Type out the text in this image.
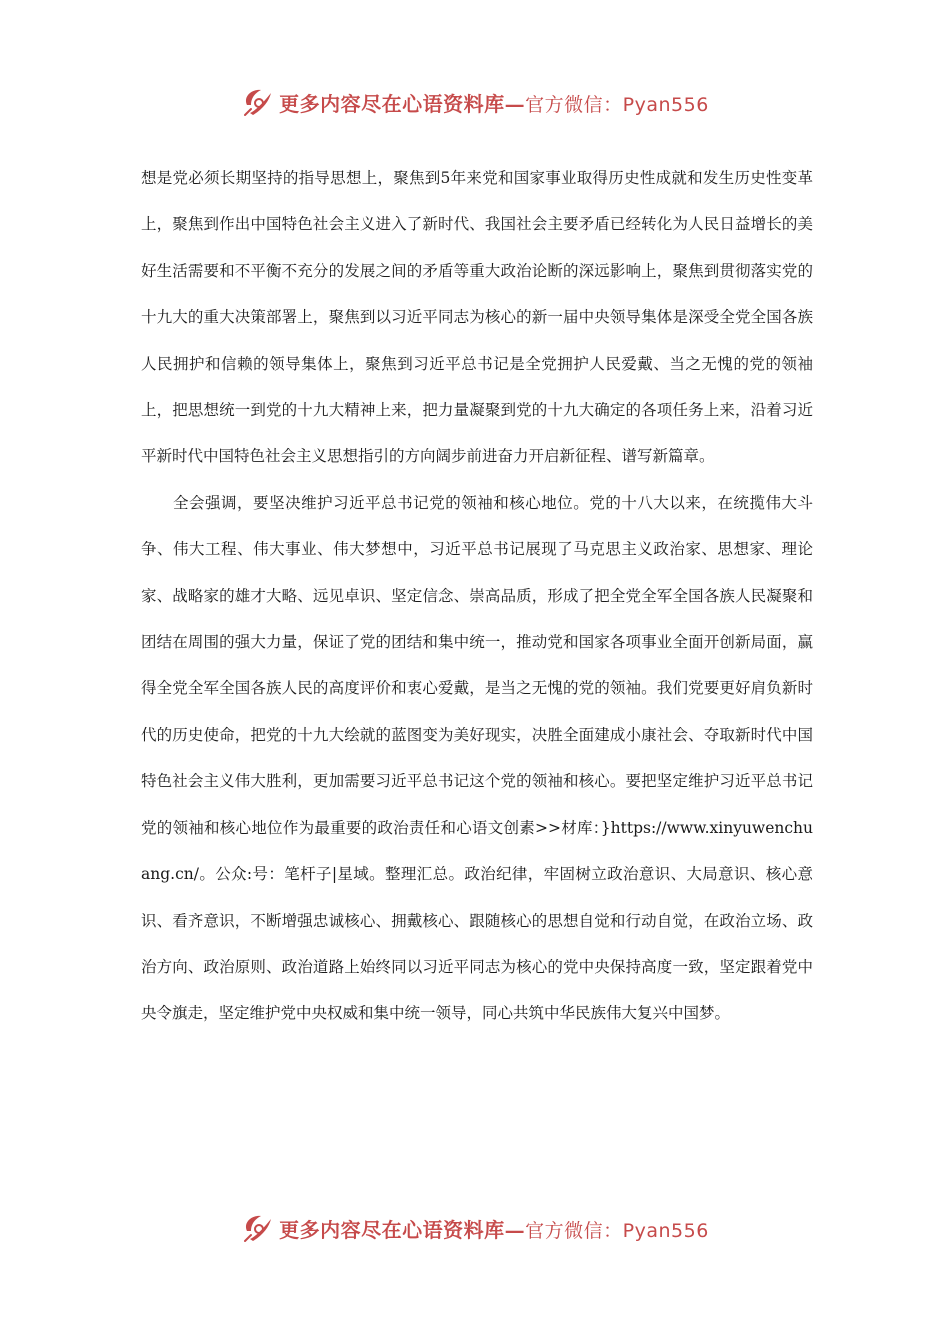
更多内容尽在心语资料库—官方微信：Pyan556

想是党必须长期坚持的指导思想上，聚焦到5年来党和国家事业取得历史性成就和发生历史性变革上，聚焦到作出中国特色社会主义进入了新时代、我国社会主要矛盾已经转化为人民日益增长的美好生活需要和不平衡不充分的发展之间的矛盾等重大政治论断的深远影响上，聚焦到贯彻落实党的十九大的重大决策部署上，聚焦到以习近平同志为核心的新一届中央领导集体是深受全党全国各族人民拥护和信赖的领导集体上，聚焦到习近平总书记是全党拥护人民爱戴、当之无愧的党的领袖上，把思想统一到党的十九大精神上来，把力量凝聚到党的十九大确定的各项任务上来，沿着习近平新时代中国特色社会主义思想指引的方向阔步前进奋力开启新征程、谱写新篇章。

全会强调，要坚决维护习近平总书记党的领袖和核心地位。党的十八大以来，在统揽伟大斗争、伟大工程、伟大事业、伟大梦想中，习近平总书记展现了马克思主义政治家、思想家、理论家、战略家的雄才大略、远见卓识、坚定信念、崇高品质，形成了把全党全军全国各族人民凝聚和团结在周围的强大力量，保证了党的团结和集中统一，推动党和国家各项事业全面开创新局面，赢得全党全军全国各族人民的高度评价和衷心爱戴，是当之无愧的党的领袖。我们党要更好肩负新时代的历史使命，把党的十九大绘就的蓝图变为美好现实，决胜全面建成小康社会、夺取新时代中国特色社会主义伟大胜利，更加需要习近平总书记这个党的领袖和核心。要把坚定维护习近平总书记党的领袖和核心地位作为最重要的政治责任和心语文创素>>材库：}https://www.xinyuwenchuang.cn/。公众:号：笔杆子|星域。整理汇总。政治纪律，牢固树立政治意识、大局意识、核心意识、看齐意识，不断增强忠诚核心、拥戴核心、跟随核心的思想自觉和行动自觉，在政治立场、政治方向、政治原则、政治道路上始终同以习近平同志为核心的党中央保持高度一致，坚定跟着党中央令旗走，坚定维护党中央权威和集中统一领导，同心共筑中华民族伟大复兴中国梦。

更多内容尽在心语资料库—官方微信：Pyan556
